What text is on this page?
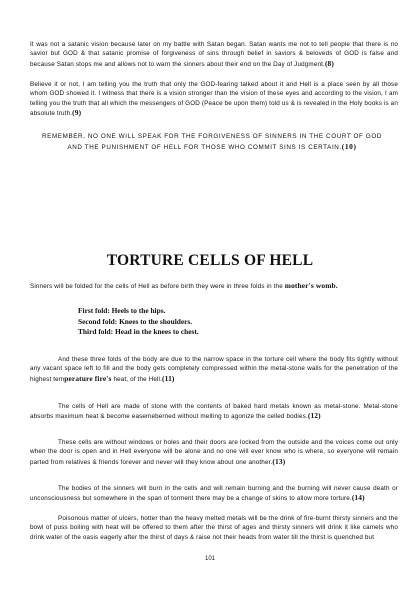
It was not a satanic vision because later on my battle with Satan began. Satan wants me not to tell people that there is no savior but GOD & that satanic promise of forgiveness of sins through belief in saviors & beloveds of GOD is false and because Satan stops me and allows not to warn the sinners about their end on the Day of Judgment.(8)

Believe it or not, I am telling you the truth that only the GOD-fearing talked about it and Hell is a place seen by all those whom GOD showed it. I witness that there is a vision stronger than the vision of these eyes and according to the vision, I am telling you the truth that all which the messengers of GOD (Peace be upon them) told us & is revealed in the Holy books is an absolute truth.(9)

REMEMBER, NO ONE WILL SPEAK FOR THE FORGIVENESS OF SINNERS IN THE COURT OF GOD AND THE PUNISHMENT OF HELL FOR THOSE WHO COMMIT SINS IS CERTAIN.(10)

TORTURE CELLS OF HELL

Sinners will be folded for the cells of Hell as before birth they were in three folds in the mother's womb.

First fold: Heels to the hips.
Second fold: Knees to the shoulders.
Third fold: Head in the knees to chest.

And these three folds of the body are due to the narrow space in the torture cell where the body fits tightly without any vacant space left to fill and the body gets completely compressed within the metal-stone walls for the penetration of the highest temperature fire's heat, of the Hell.(11)

The cells of Hell are made of stone with the contents of baked hard metals known as metal-stone. Metal-stone absorbs maximum heat & become easemeberned without melting to agonize the celled bodies.(12)

These cells are without windows or holes and their doors are locked from the outside and the voices come out only when the door is open and in Hell everyone will be alone and no one will ever know who is where, so everyone will remain parted from relatives & friends forever and never will they know about one another.(13)

The bodies of the sinners will burn in the cells and will remain burning and the burning will never cause death or unconsciousness but somewhere in the span of torment there may be a change of skins to allow more torture.(14)

Poisonous matter of ulcers, hotter than the heavy melted metals will be the drink of fire-burnt thirsty sinners and the bowl of puss boiling with heat will be offered to them after the thirst of ages and thirsty sinners will drink it like camels who drink water of the oasis eagerly after the thirst of days & raise not their heads from water till the thirst is quenched but

101
